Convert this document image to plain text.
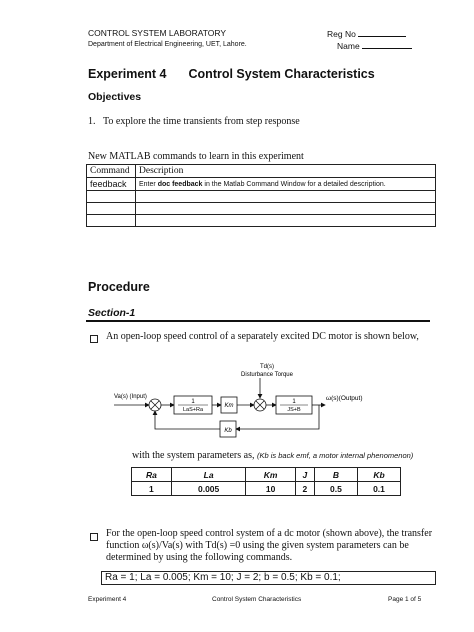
CONTROL SYSTEM LABORATORY
Department of Electrical Engineering, UET, Lahore.
Reg No
Name
Experiment 4 Control System Characteristics
Objectives
1. To explore the time transients from step response
New MATLAB commands to learn in this experiment
Command	Description
feedback	Enter doc feedback in the Matlab Command Window for a detailed description.

Procedure
Section-1
An open-loop speed control of a separately excited DC motor is shown below,
Td(s)
Disturbance Torque
Va(s) (Input)
1
LaS+Ra
Km
1
JS+B
ω(s)(Output)
Kb
with the system parameters as, (Kb is back emf, a motor internal phenomenon)
Ra	La	Km	J	B	Kb
1	0.005	10	2	0.5	0.1
For the open-loop speed control system of a dc motor (shown above), the transfer function ω(s)/Va(s) with Td(s) =0 using the given system parameters can be determined by using the following commands.
Ra = 1; La = 0.005; Km = 10; J = 2; b = 0.5; Kb = 0.1;
Experiment 4	Control System Characteristics	Page 1 of 5
